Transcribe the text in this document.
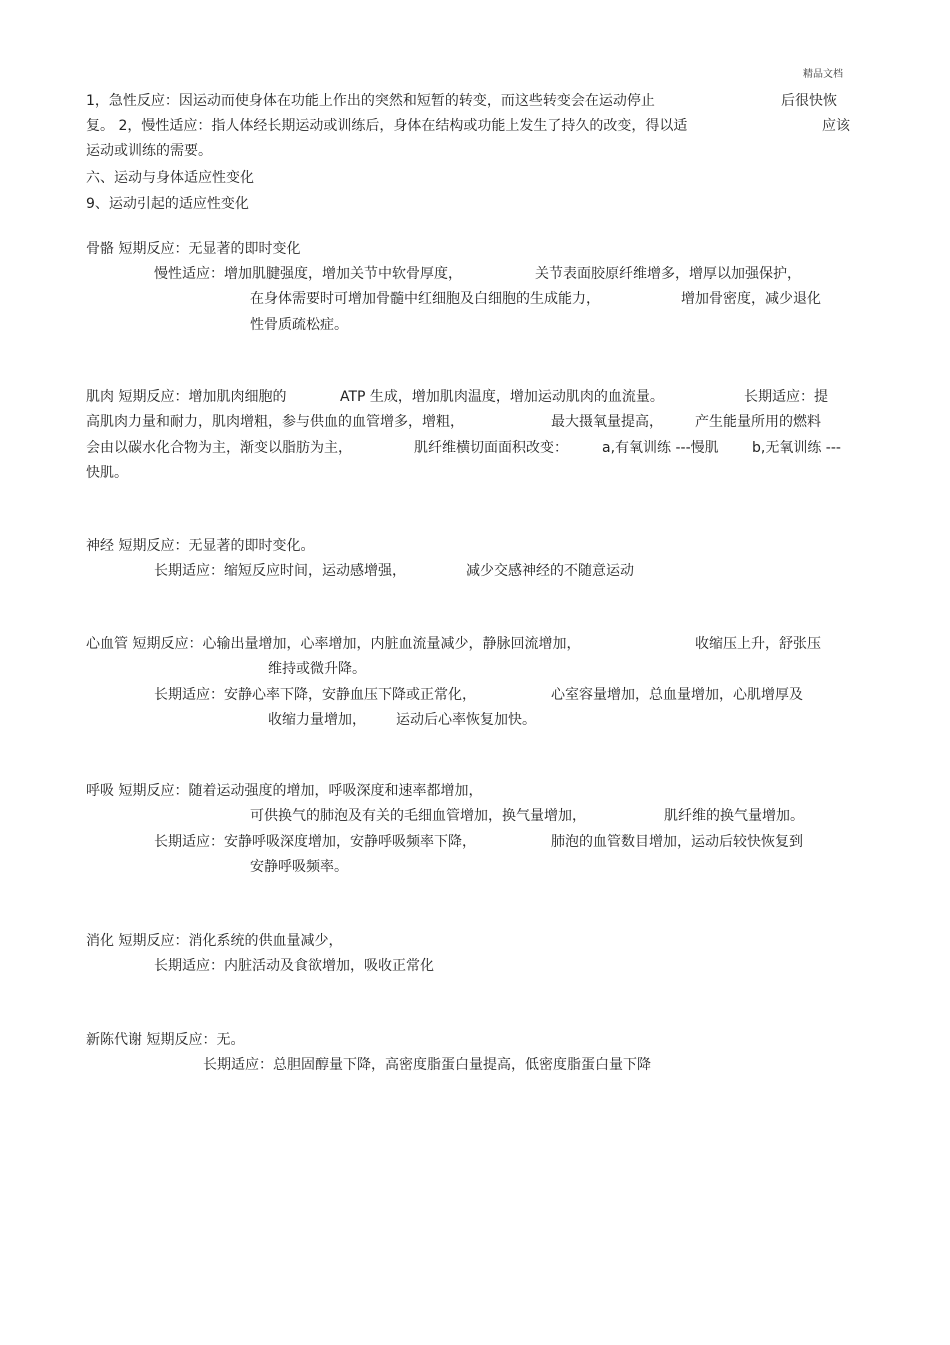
精品文档
1，急性反应：因运动而使身体在功能上作出的突然和短暂的转变，而这些转变会在运动停止	后很快恢
复。 2，慢性适应：指人体经长期运动或训练后，身体在结构或功能上发生了持久的改变，得以适	应该
运动或训练的需要。
六、运动与身体适应性变化
9、运动引起的适应性变化
骨骼 短期反应：无显著的即时变化
慢性适应：增加肌腱强度，增加关节中软骨厚度，	关节表面胶原纤维增多，增厚以加强保护，
在身体需要时可增加骨髓中红细胞及白细胞的生成能力，	增加骨密度，减少退化
性骨质疏松症。
肌肉 短期反应：增加肌肉细胞的	ATP 生成，增加肌肉温度，增加运动肌肉的血流量。	长期适应：提
高肌肉力量和耐力，肌肉增粗，参与供血的血管增多，增粗，	最大摄氧量提高， 产生能量所用的燃料
会由以碳水化合物为主，渐变以脂肪为主，	肌纤维横切面面积改变： a,有氧训练 ---慢肌 b,无氧训练 ---
快肌。
神经 短期反应：无显著的即时变化。
长期适应：缩短反应时间，运动感增强，	减少交感神经的不随意运动
心血管 短期反应：心输出量增加，心率增加，内脏血流量减少，静脉回流增加，	收缩压上升，舒张压
维持或微升降。
长期适应：安静心率下降，安静血压下降或正常化，	心室容量增加，总血量增加，心肌增厚及
收缩力量增加， 运动后心率恢复加快。
呼吸 短期反应：随着运动强度的增加，呼吸深度和速率都增加，
可供换气的肺泡及有关的毛细血管增加，换气量增加，	肌纤维的换气量增加。
长期适应：安静呼吸深度增加，安静呼吸频率下降，	肺泡的血管数目增加，运动后较快恢复到
安静呼吸频率。
消化 短期反应：消化系统的供血量减少，
长期适应：内脏活动及食欲增加，吸收正常化
新陈代谢 短期反应：无。
长期适应：总胆固醇量下降，高密度脂蛋白量提高，低密度脂蛋白量下降
